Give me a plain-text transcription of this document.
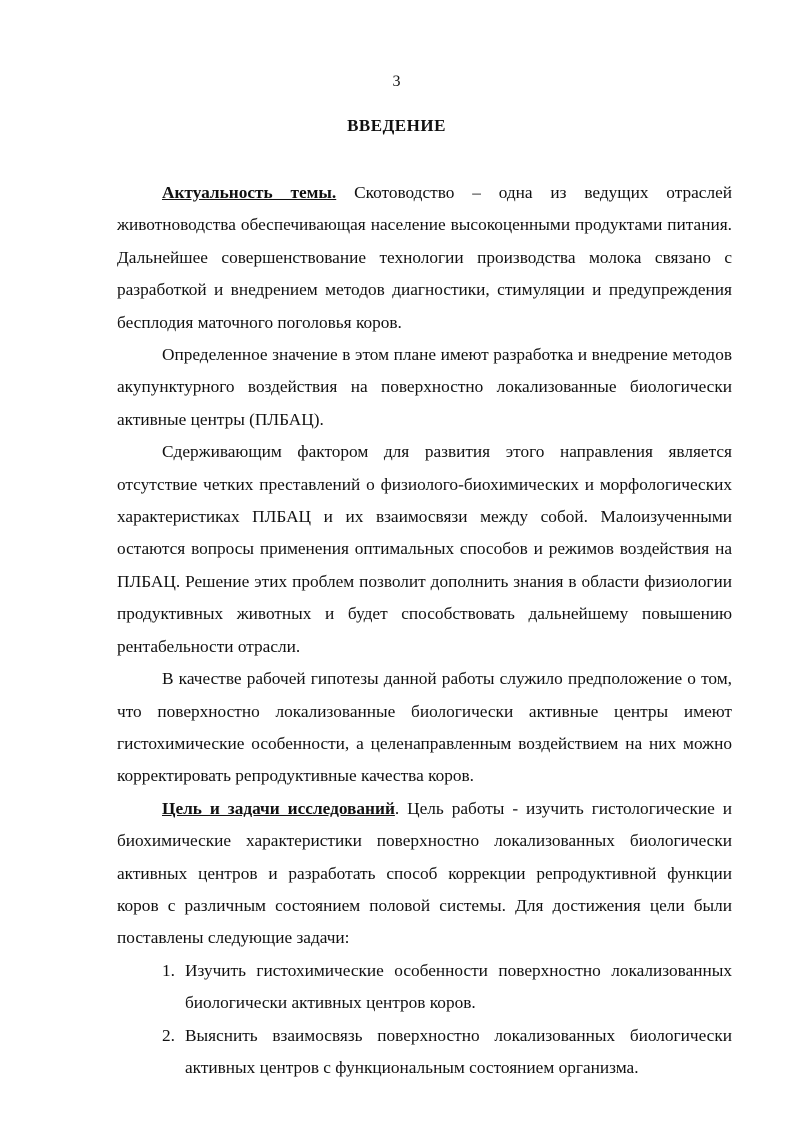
3
ВВЕДЕНИЕ

Актуальность темы. Скотоводство – одна из ведущих отраслей животноводства обеспечивающая население высокоценными продуктами питания. Дальнейшее совершенствование технологии производства молока связано с разработкой и внедрением методов диагностики, стимуляции и предупреждения бесплодия маточного поголовья коров.

Определенное значение в этом плане имеют разработка и внедрение методов акупунктурного воздействия на поверхностно локализованные биологически активные центры (ПЛБАЦ).

Сдерживающим фактором для развития этого направления является отсутствие четких преставлений о физиолого-биохимических и морфологических характеристиках ПЛБАЦ и их взаимосвязи между собой. Малоизученными остаются вопросы применения оптимальных способов и режимов воздействия на ПЛБАЦ. Решение этих проблем позволит дополнить знания в области физиологии продуктивных животных и будет способствовать дальнейшему повышению рентабельности отрасли.

В качестве рабочей гипотезы данной работы служило предположение о том, что поверхностно локализованные биологически активные центры имеют гистохимические особенности, а целенаправленным воздействием на них можно корректировать репродуктивные качества коров.

Цель и задачи исследований. Цель работы - изучить гистологические и биохимические характеристики поверхностно локализованных биологически активных центров и разработать способ коррекции репродуктивной функции коров с различным состоянием половой системы. Для достижения цели были поставлены следующие задачи:

1. Изучить гистохимические особенности поверхностно локализованных биологически активных центров коров.
2. Выяснить взаимосвязь поверхностно локализованных биологически активных центров с функциональным состоянием организма.
